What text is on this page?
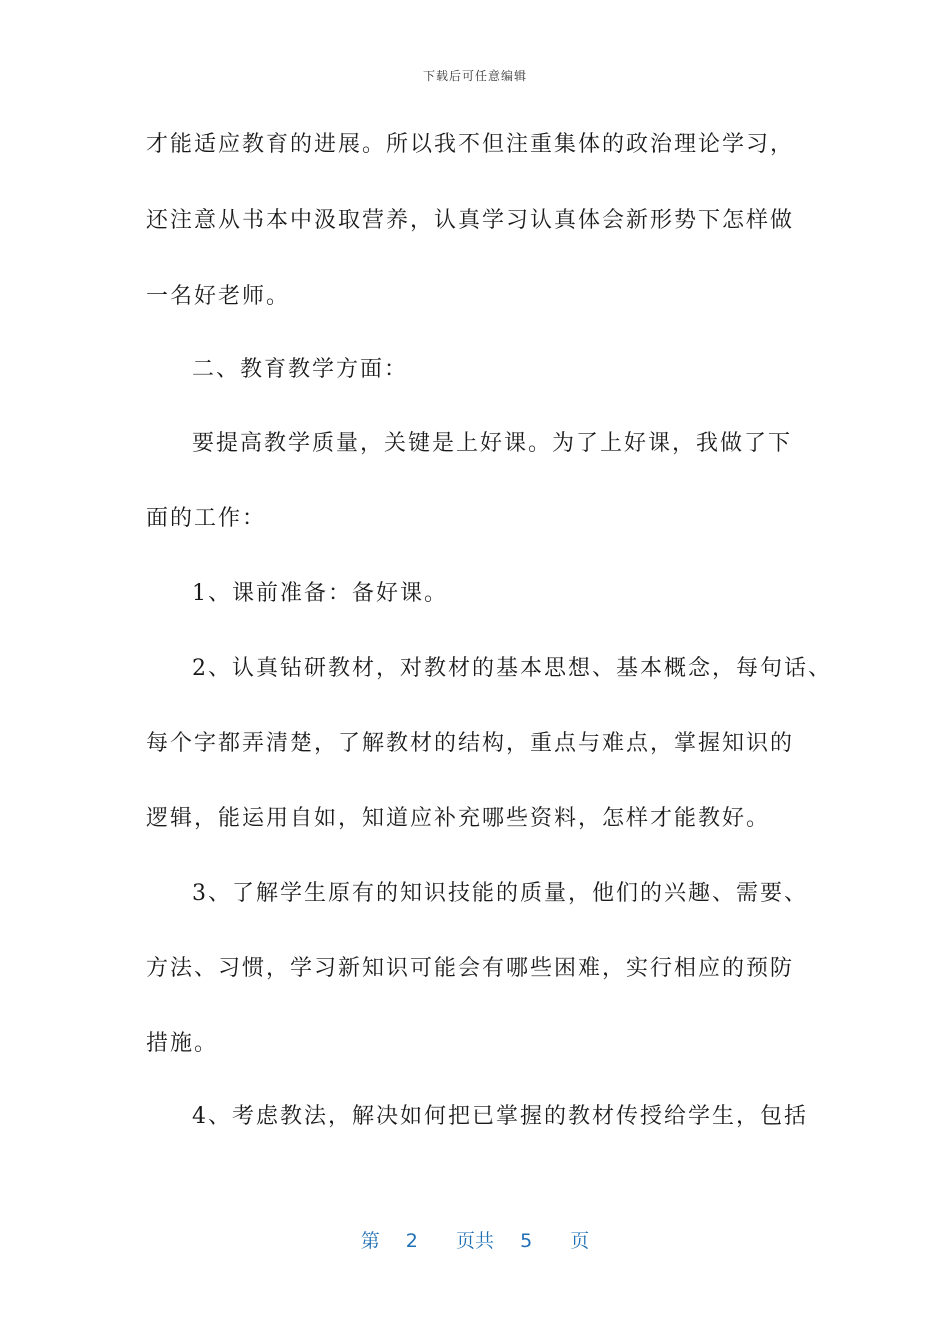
下载后可任意编辑
才能适应教育的进展。所以我不但注重集体的政治理论学习，
还注意从书本中汲取营养，认真学习认真体会新形势下怎样做
一名好老师。
二、教育教学方面：
要提高教学质量，关键是上好课。为了上好课，我做了下
面的工作：
1、课前准备：备好课。
2、认真钻研教材，对教材的基本思想、基本概念，每句话、
每个字都弄清楚，了解教材的结构，重点与难点，掌握知识的
逻辑，能运用自如，知道应补充哪些资料，怎样才能教好。
3、了解学生原有的知识技能的质量，他们的兴趣、需要、
方法、习惯，学习新知识可能会有哪些困难，实行相应的预防
措施。
4、考虑教法，解决如何把已掌握的教材传授给学生，包括
第 2 页共 5 页
